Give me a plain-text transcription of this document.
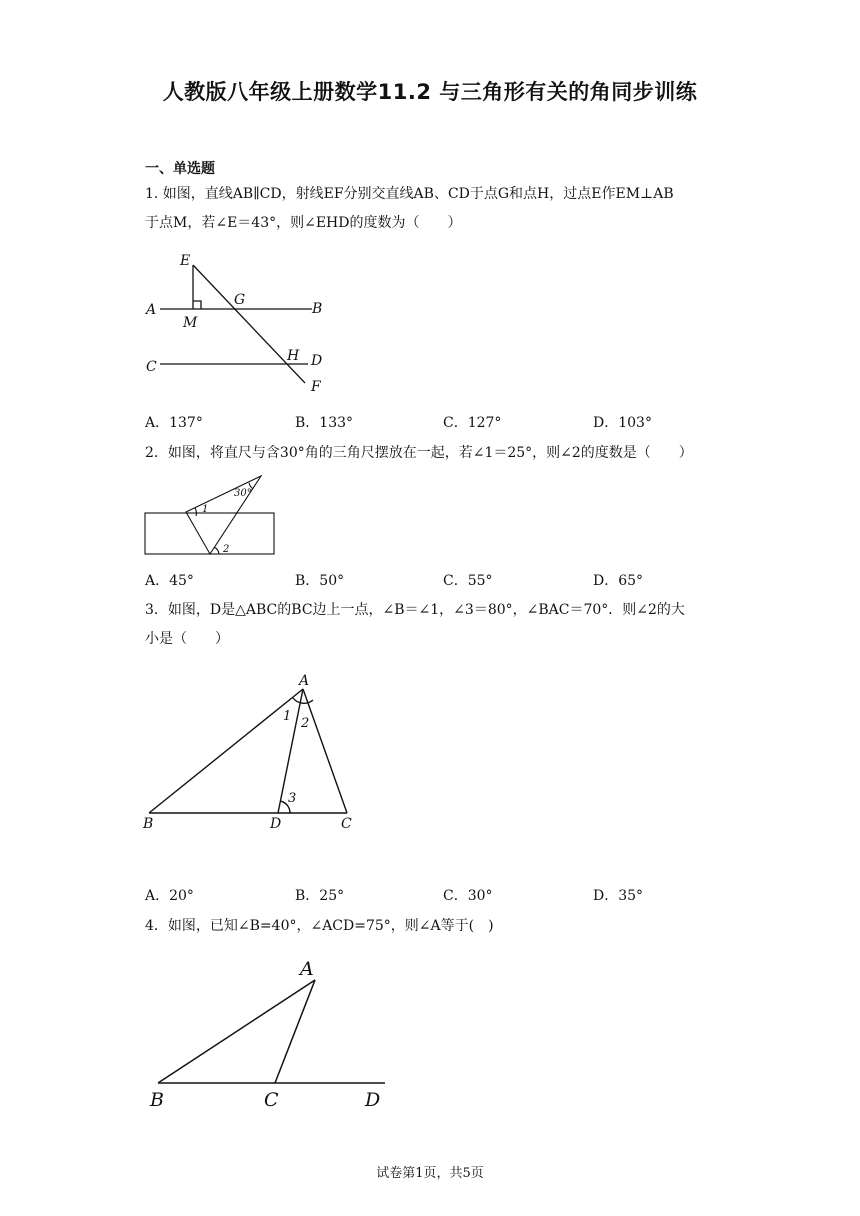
人教版八年级上册数学11.2 与三角形有关的角同步训练
一、单选题
1. 如图，直线AB∥CD，射线EF分别交直线AB、CD于点G和点H，过点E作EM⊥AB
于点M，若∠E＝43°，则∠EHD的度数为（　　）
E
A
M
G
B
C
H D
F
A．137°	B．133°	C．127°	D．103°
2．如图，将直尺与含30°角的三角尺摆放在一起，若∠1＝25°，则∠2的度数是（　　）
30°
1
2
A．45°	B．50°	C．55°	D．65°
3．如图，D是△ABC的BC边上一点，∠B＝∠1，∠3＝80°，∠BAC＝70°．则∠2的大
小是（　　）
A
B	D	C
1 2
3
A．20°	B．25°	C．30°	D．35°
4．如图，已知∠B=40°，∠ACD=75°，则∠A等于(　)
A
B	C	D
试卷第1页，共5页
